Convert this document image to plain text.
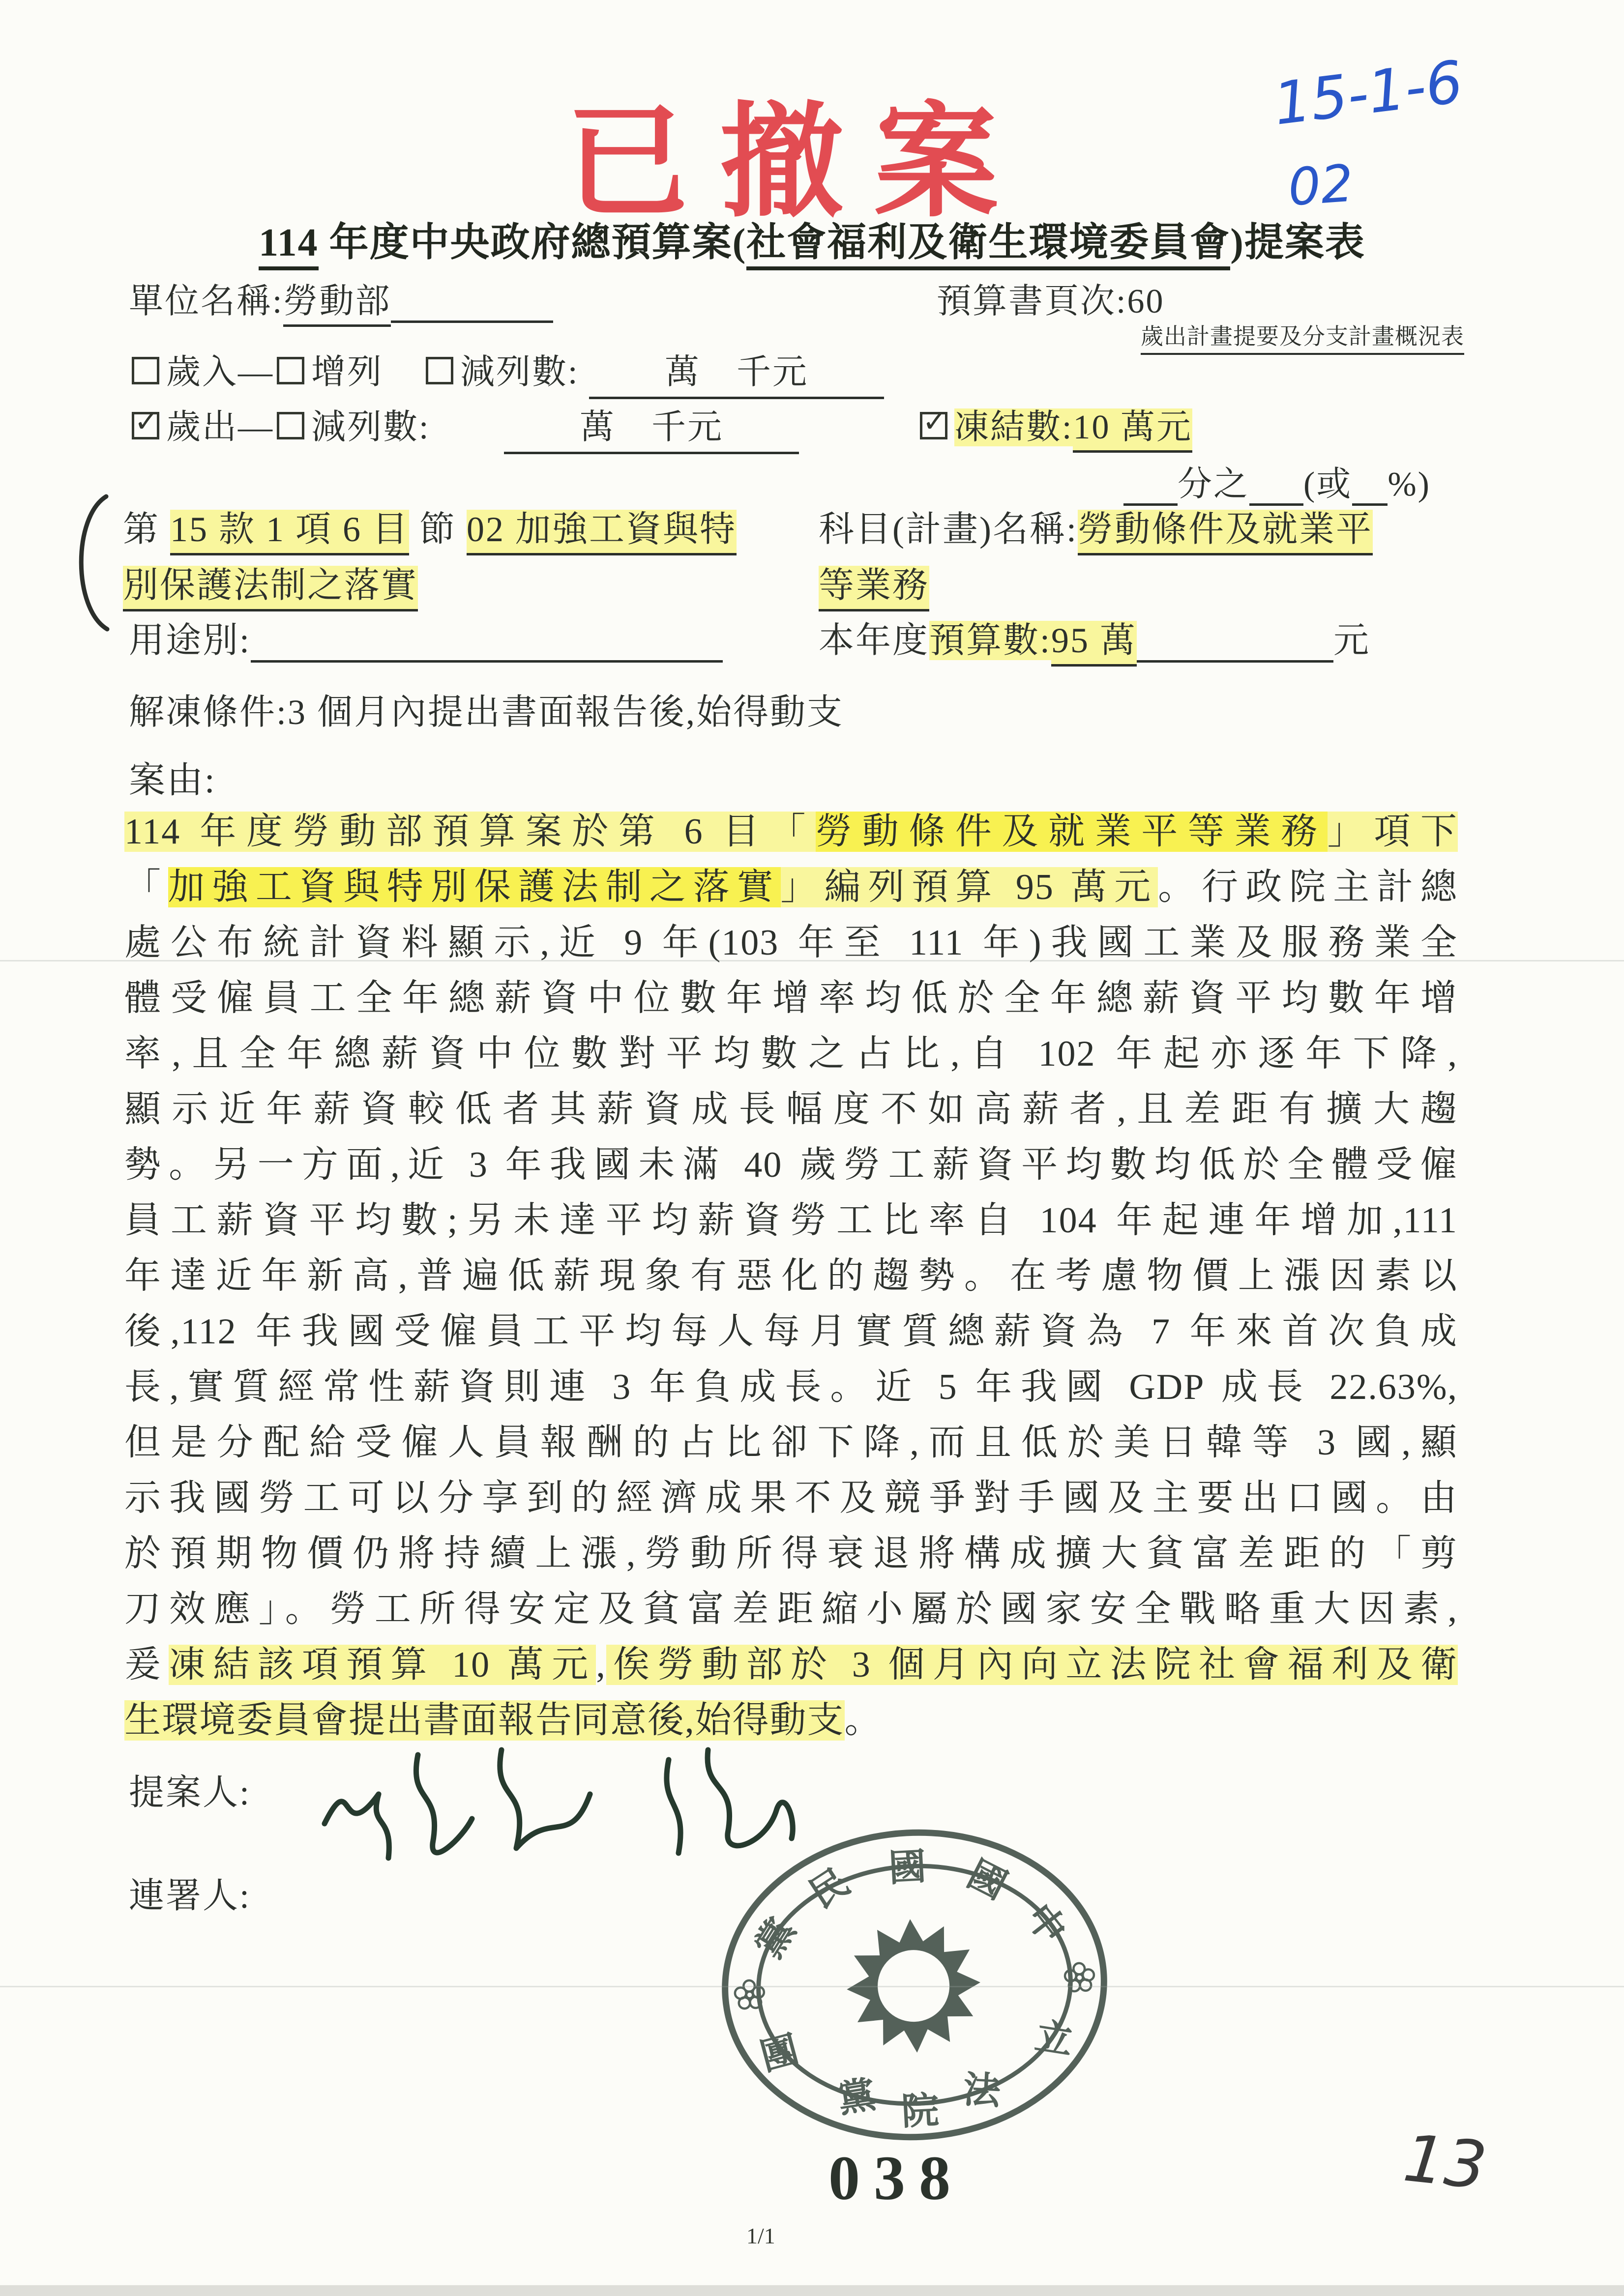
已撤案
15-1-6
02
114 年度中央政府總預算案(社會福利及衛生環境委員會)提案表
單位名稱:勞動部	預算書頁次:60
歲出計畫提要及分支計畫概況表
歲入— 增列 減列數: 萬　千元
✓歲出— 減列數:	萬　千元 ✓	凍結數:10 萬元
分之 (或 %)
第 15 款 1 項 6 目 節 02 加強工資與特
別保護法制之落實
科目(計畫)名稱:勞動條件及就業平
等業務
用途別:	本年度預算數:95 萬	元
解凍條件:3 個月內提出書面報告後,始得動支
案由:
114 年度勞動部預算案於第 6 目「勞動條件及就業平等業務」項下
「加強工資與特別保護法制之落實」編列預算 95 萬元。行政院主計總
處公布統計資料顯示,近 9 年(103 年至 111 年)我國工業及服務業全
體受僱員工全年總薪資中位數年增率均低於全年總薪資平均數年增
率,且全年總薪資中位數對平均數之占比,自 102 年起亦逐年下降,
顯示近年薪資較低者其薪資成長幅度不如高薪者,且差距有擴大趨
勢。另一方面,近 3 年我國未滿 40 歲勞工薪資平均數均低於全體受僱
員工薪資平均數;另未達平均薪資勞工比率自 104 年起連年增加,111
年達近年新高,普遍低薪現象有惡化的趨勢。在考慮物價上漲因素以
後,112 年我國受僱員工平均每人每月實質總薪資為 7 年來首次負成
長,實質經常性薪資則連 3 年負成長。近 5 年我國 GDP 成長 22.63%,
但是分配給受僱人員報酬的占比卻下降,而且低於美日韓等 3 國,顯
示我國勞工可以分享到的經濟成果不及競爭對手國及主要出口國。由
於預期物價仍將持續上漲,勞動所得衰退將構成擴大貧富差距的「剪
刀效應」。勞工所得安定及貧富差距縮小屬於國家安全戰略重大因素,
爰凍結該項預算 10 萬元,俟勞動部於 3 個月內向立法院社會福利及衛
生環境委員會提出書面報告同意後,始得動支。
提案人:
連署人:
黨
民 國 國
中
團
黨 院 法
立
038
1/1
13
